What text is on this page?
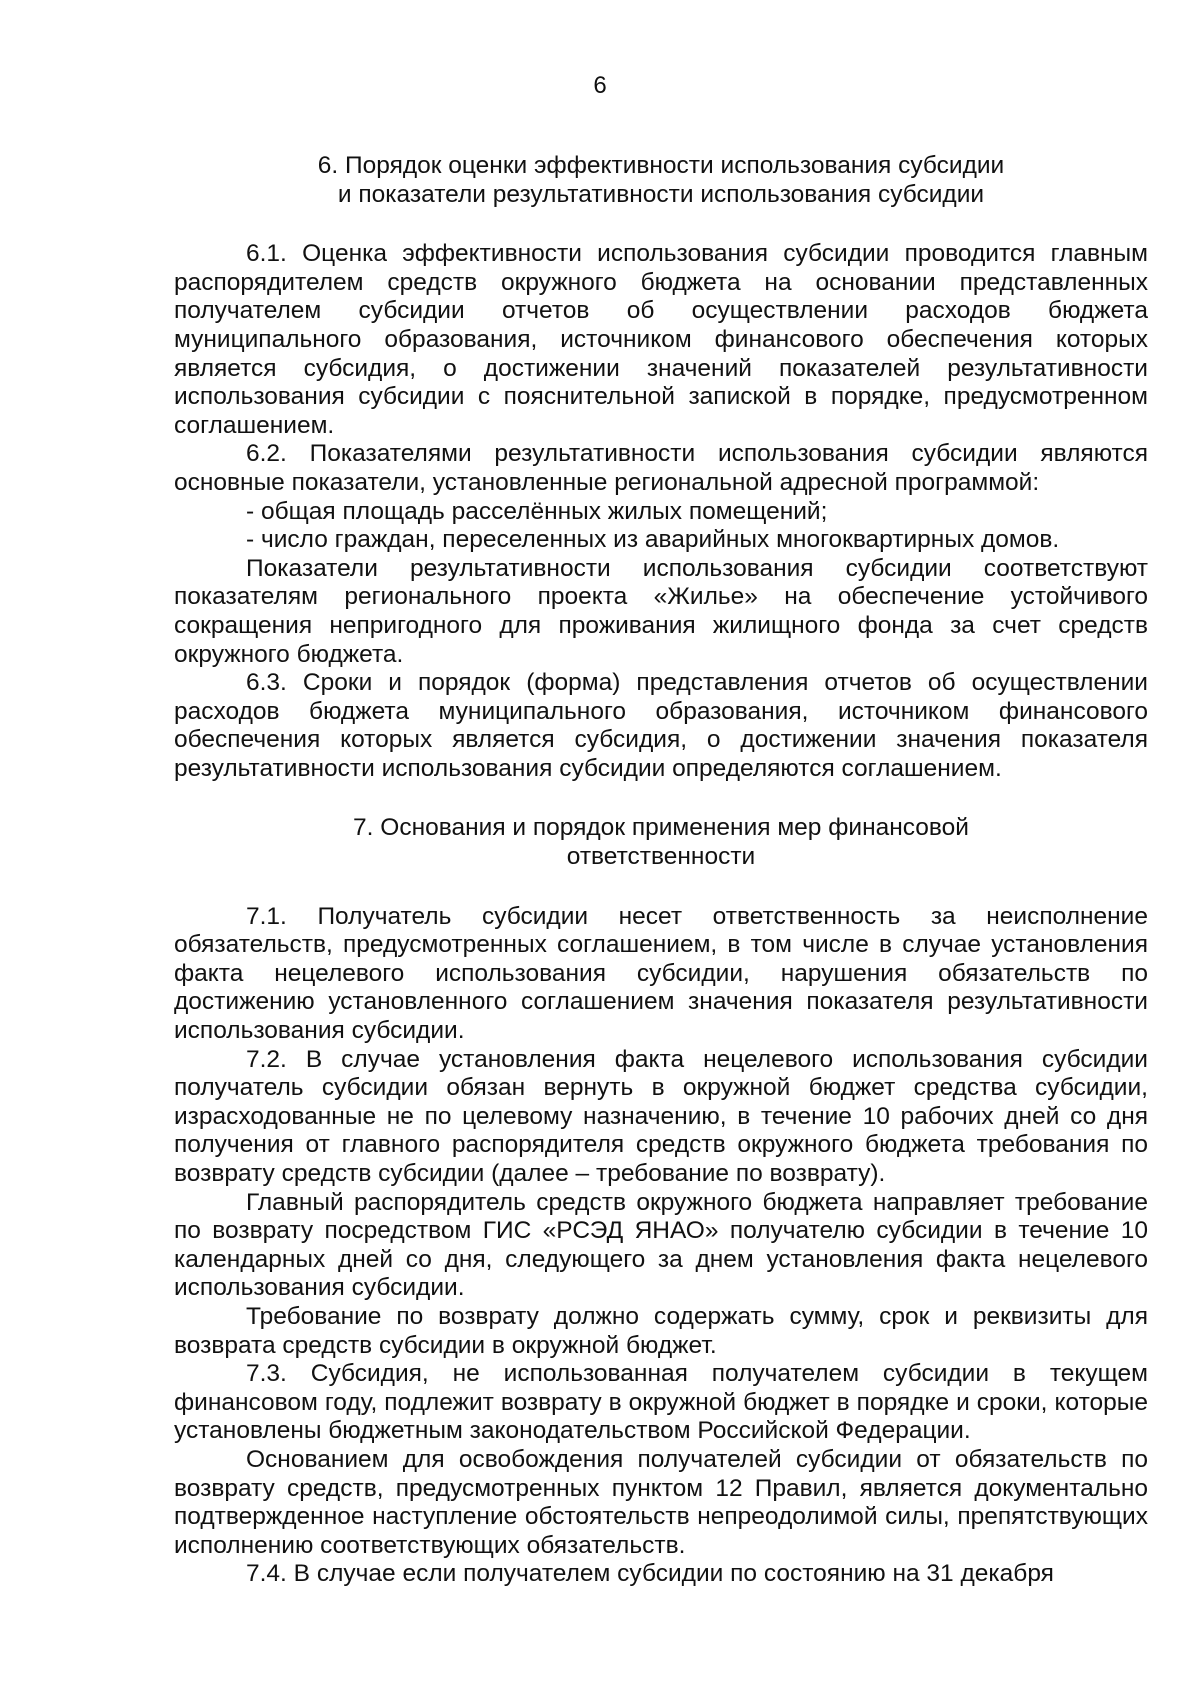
6
6. Порядок оценки эффективности использования субсидии
и показатели результативности использования субсидии

6.1. Оценка эффективности использования субсидии проводится главным распорядителем средств окружного бюджета на основании представленных получателем субсидии отчетов об осуществлении расходов бюджета муниципального образования, источником финансового обеспечения которых является субсидия, о достижении значений показателей результативности использования субсидии с пояснительной запиской в порядке, предусмотренном соглашением.

6.2. Показателями результативности использования субсидии являются основные показатели, установленные региональной адресной программой:

- общая площадь расселённых жилых помещений;

- число граждан, переселенных из аварийных многоквартирных домов.

Показатели результативности использования субсидии соответствуют показателям регионального проекта «Жилье» на обеспечение устойчивого сокращения непригодного для проживания жилищного фонда за счет средств окружного бюджета.

6.3. Сроки и порядок (форма) представления отчетов об осуществлении расходов бюджета муниципального образования, источником финансового обеспечения которых является субсидия, о достижении значения показателя результативности использования субсидии определяются соглашением.

7. Основания и порядок применения мер финансовой
ответственности

7.1. Получатель субсидии несет ответственность за неисполнение обязательств, предусмотренных соглашением, в том числе в случае установления факта нецелевого использования субсидии, нарушения обязательств по достижению установленного соглашением значения показателя результативности использования субсидии.

7.2. В случае установления факта нецелевого использования субсидии получатель субсидии обязан вернуть в окружной бюджет средства субсидии, израсходованные не по целевому назначению, в течение 10 рабочих дней со дня получения от главного распорядителя средств окружного бюджета требования по возврату средств субсидии (далее – требование по возврату).

Главный распорядитель средств окружного бюджета направляет требование по возврату посредством ГИС «РСЭД ЯНАО» получателю субсидии в течение 10 календарных дней со дня, следующего за днем установления факта нецелевого использования субсидии.

Требование по возврату должно содержать сумму, срок и реквизиты для возврата средств субсидии в окружной бюджет.

7.3. Субсидия, не использованная получателем субсидии в текущем финансовом году, подлежит возврату в окружной бюджет в порядке и сроки, которые установлены бюджетным законодательством Российской Федерации.

Основанием для освобождения получателей субсидии от обязательств по возврату средств, предусмотренных пунктом 12 Правил, является документально подтвержденное наступление обстоятельств непреодолимой силы, препятствующих исполнению соответствующих обязательств.

7.4. В случае если получателем субсидии по состоянию на 31 декабря
